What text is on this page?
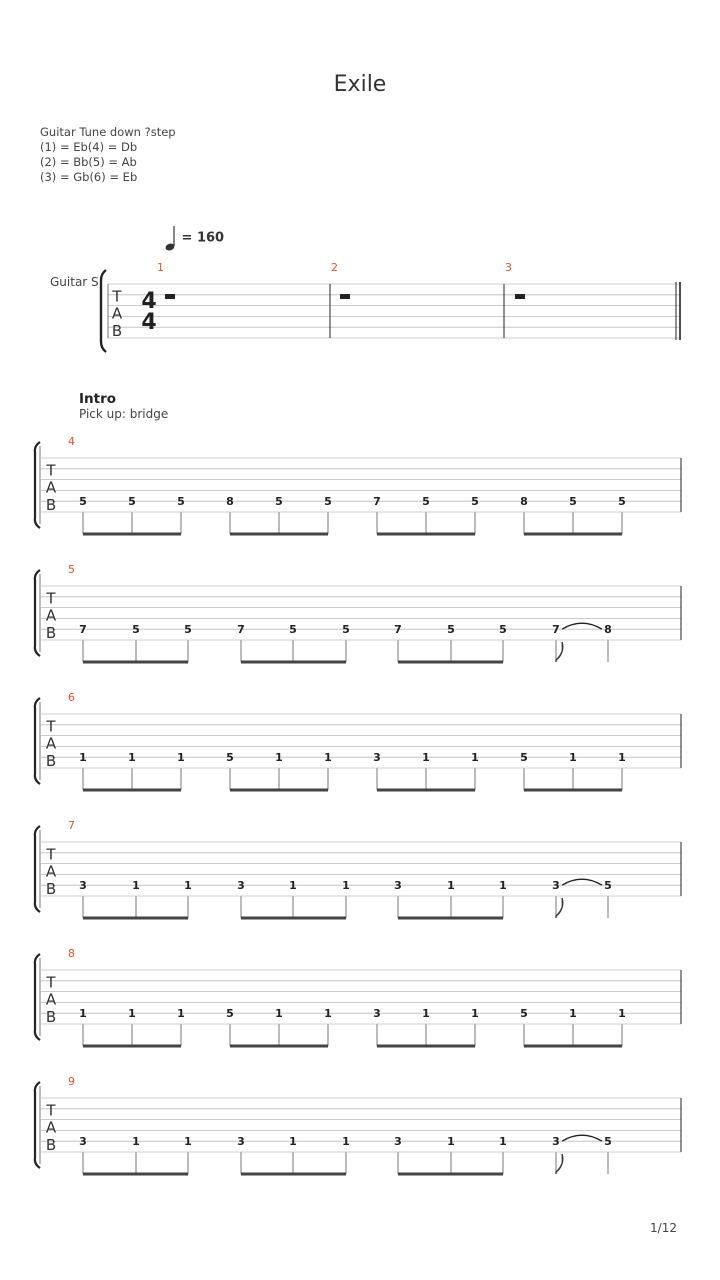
Exile
Guitar Tune down ?step
(1) = Eb(4) = Db
(2) = Bb(5) = Ab
(3) = Gb(6) = Eb
= 160
Intro
Pick up: bridge
1/12
Guitar S
T
A
B
4
4
1	2	3
T
A
B
4
5	5	5	8	5	5	7	5	5	8	5	5
T
A
B
5
7	5	5	7	5	5	7	5	5	7	8
T
A
B
6
1	1	1	5	1	1	3	1	1	5	1	1
T
A
B
7
3	1	1	3	1	1	3	1	1	3	5
T
A
B
8
1	1	1	5	1	1	3	1	1	5	1	1
T
A
B
9
3	1	1	3	1	1	3	1	1	3	5
